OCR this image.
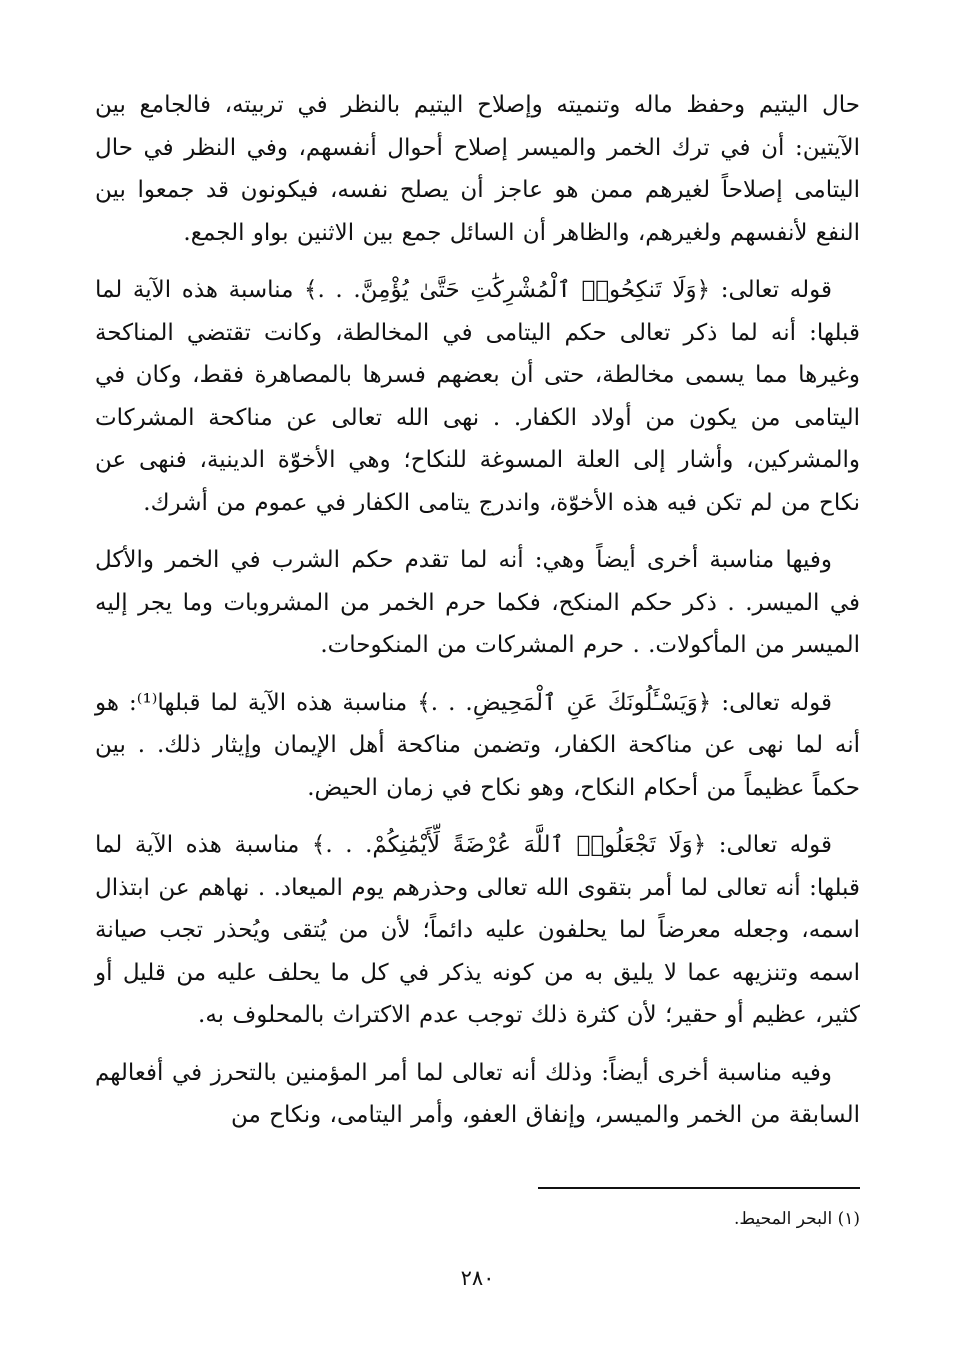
حال اليتيم وحفظ ماله وتنميته وإصلاح اليتيم بالنظر في تربيته، فالجامع بين الآيتين: أن في ترك الخمر والميسر إصلاح أحوال أنفسهم، وفي النظر في حال اليتامى إصلاحاً لغيرهم ممن هو عاجز أن يصلح نفسه، فيكونون قد جمعوا بين النفع لأنفسهم ولغيرهم، والظاهر أن السائل جمع بين الاثنين بواو الجمع.

قوله تعالى: ﴿وَلَا تَنكِحُوا۟ ٱلْمُشْرِكَٰتِ حَتَّىٰ يُؤْمِنَّ. . .﴾ مناسبة هذه الآية لما قبلها: أنه لما ذكر تعالى حكم اليتامى في المخالطة، وكانت تقتضي المناكحة وغيرها مما يسمى مخالطة، حتى أن بعضهم فسرها بالمصاهرة فقط، وكان في اليتامى من يكون من أولاد الكفار. . نهى الله تعالى عن مناكحة المشركات والمشركين، وأشار إلى العلة المسوغة للنكاح؛ وهي الأخوّة الدينية، فنهى عن نكاح من لم تكن فيه هذه الأخوّة، واندرج يتامى الكفار في عموم من أشرك.

وفيها مناسبة أخرى أيضاً وهي: أنه لما تقدم حكم الشرب في الخمر والأكل في الميسر. . ذكر حكم المنكح، فكما حرم الخمر من المشروبات وما يجر إليه الميسر من المأكولات. . حرم المشركات من المنكوحات.

قوله تعالى: ﴿وَيَسْـَٔلُونَكَ عَنِ ٱلْمَحِيضِ. . .﴾ مناسبة هذه الآية لما قبلها⁽¹⁾: هو أنه لما نهى عن مناكحة الكفار، وتضمن مناكحة أهل الإيمان وإيثار ذلك. . بين حكماً عظيماً من أحكام النكاح، وهو نكاح في زمان الحيض.

قوله تعالى: ﴿وَلَا تَجْعَلُوا۟ ٱللَّهَ عُرْضَةً لِّأَيْمَٰنِكُمْ. . .﴾ مناسبة هذه الآية لما قبلها: أنه تعالى لما أمر بتقوى الله تعالى وحذرهم يوم الميعاد. . نهاهم عن ابتذال اسمه، وجعله معرضاً لما يحلفون عليه دائماً؛ لأن من يُتقى ويُحذر تجب صيانة اسمه وتنزيهه عما لا يليق به من كونه يذكر في كل ما يحلف عليه من قليل أو كثير، عظيم أو حقير؛ لأن كثرة ذلك توجب عدم الاكتراث بالمحلوف به.

وفيه مناسبة أخرى أيضاً: وذلك أنه تعالى لما أمر المؤمنين بالتحرز في أفعالهم السابقة من الخمر والميسر، وإنفاق العفو، وأمر اليتامى، ونكاح من

(١) البحر المحيط.
٢٨٠
